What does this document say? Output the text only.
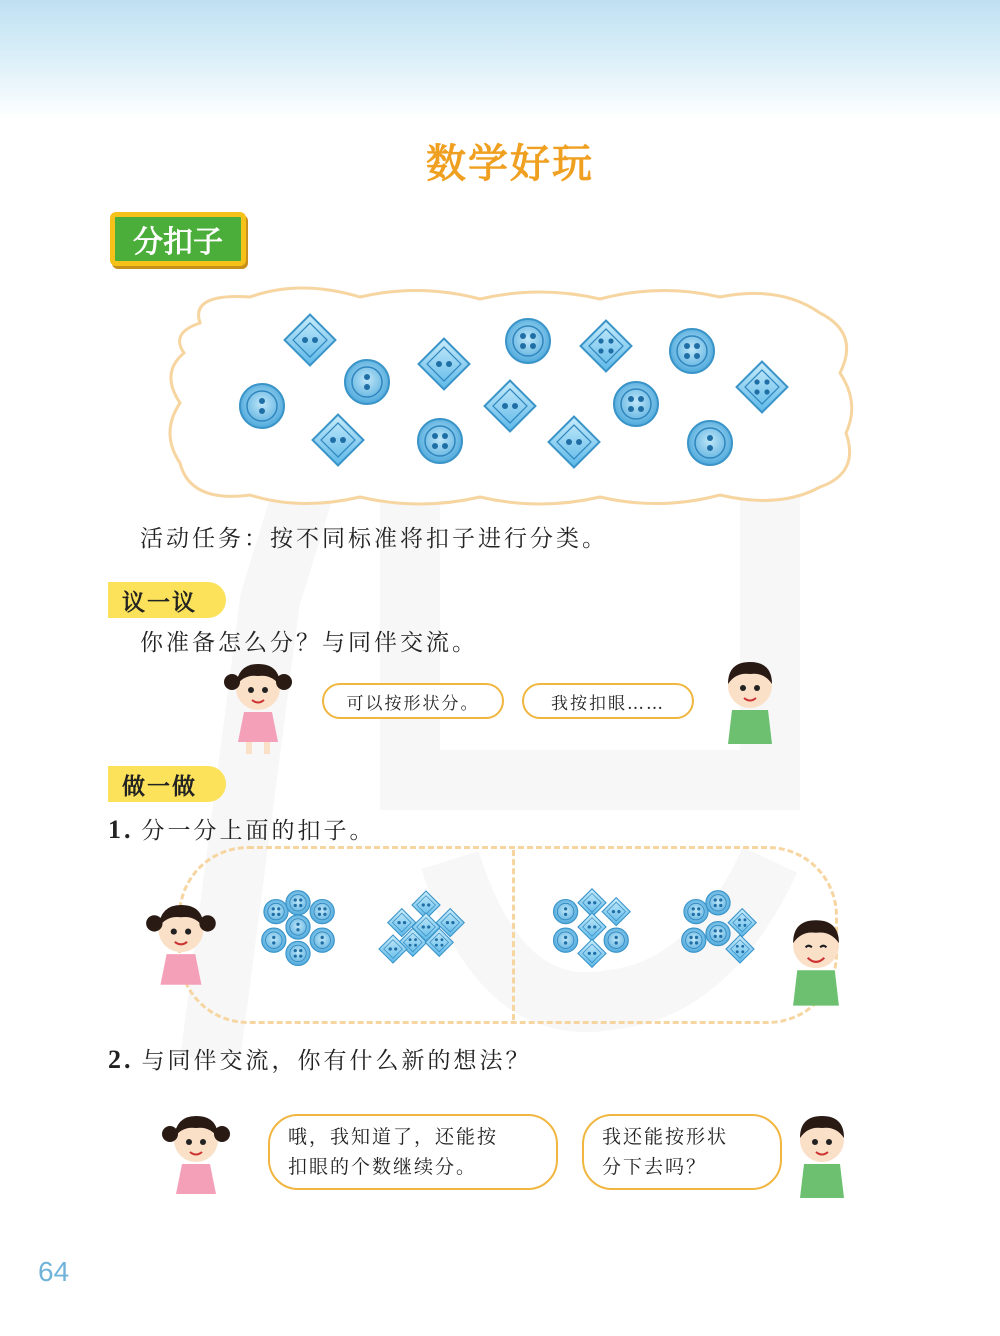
数学好玩
分扣子
活动任务：按不同标准将扣子进行分类。
议一议
你准备怎么分？与同伴交流。
可以按形状分。	我按扣眼……
做一做
1. 分一分上面的扣子。
2. 与同伴交流，你有什么新的想法？
哦，我知道了，还能按
扣眼的个数继续分。
我还能按形状
分下去吗？
64
